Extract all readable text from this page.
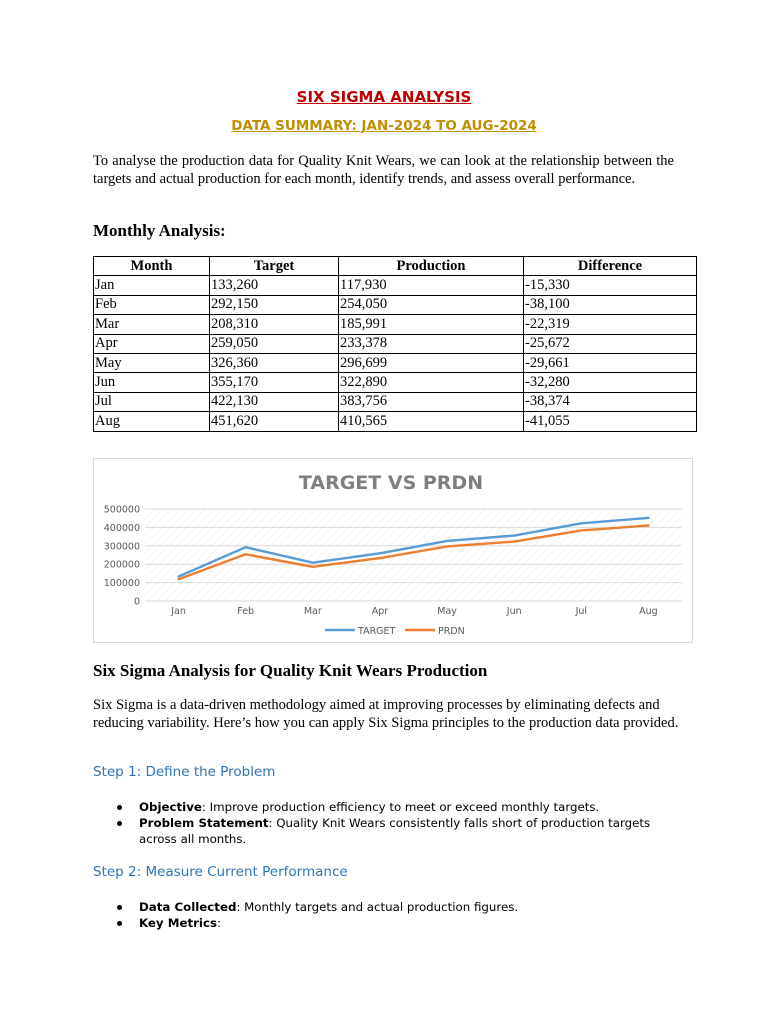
SIX SIGMA ANALYSIS
DATA SUMMARY: JAN-2024 TO AUG-2024
To analyse the production data for Quality Knit Wears, we can look at the relationship between the targets and actual production for each month, identify trends, and assess overall performance.
Monthly Analysis:
Month	Target	Production	Difference
Jan	133,260	117,930	-15,330
Feb	292,150	254,050	-38,100
Mar	208,310	185,991	-22,319
Apr	259,050	233,378	-25,672
May	326,360	296,699	-29,661
Jun	355,170	322,890	-32,280
Jul	422,130	383,756	-38,374
Aug	451,620	410,565	-41,055
TARGET VS PRDN
0
100000
200000
300000
400000
500000
Jan	Feb	Mar	Apr	May	Jun	Jul	Aug
TARGET	PRDN
Six Sigma Analysis for Quality Knit Wears Production
Six Sigma is a data-driven methodology aimed at improving processes by eliminating defects and reducing variability. Here’s how you can apply Six Sigma principles to the production data provided.
Step 1: Define the Problem
Objective: Improve production efficiency to meet or exceed monthly targets.
Problem Statement: Quality Knit Wears consistently falls short of production targets across all months.
Step 2: Measure Current Performance
Data Collected: Monthly targets and actual production figures.
Key Metrics:
